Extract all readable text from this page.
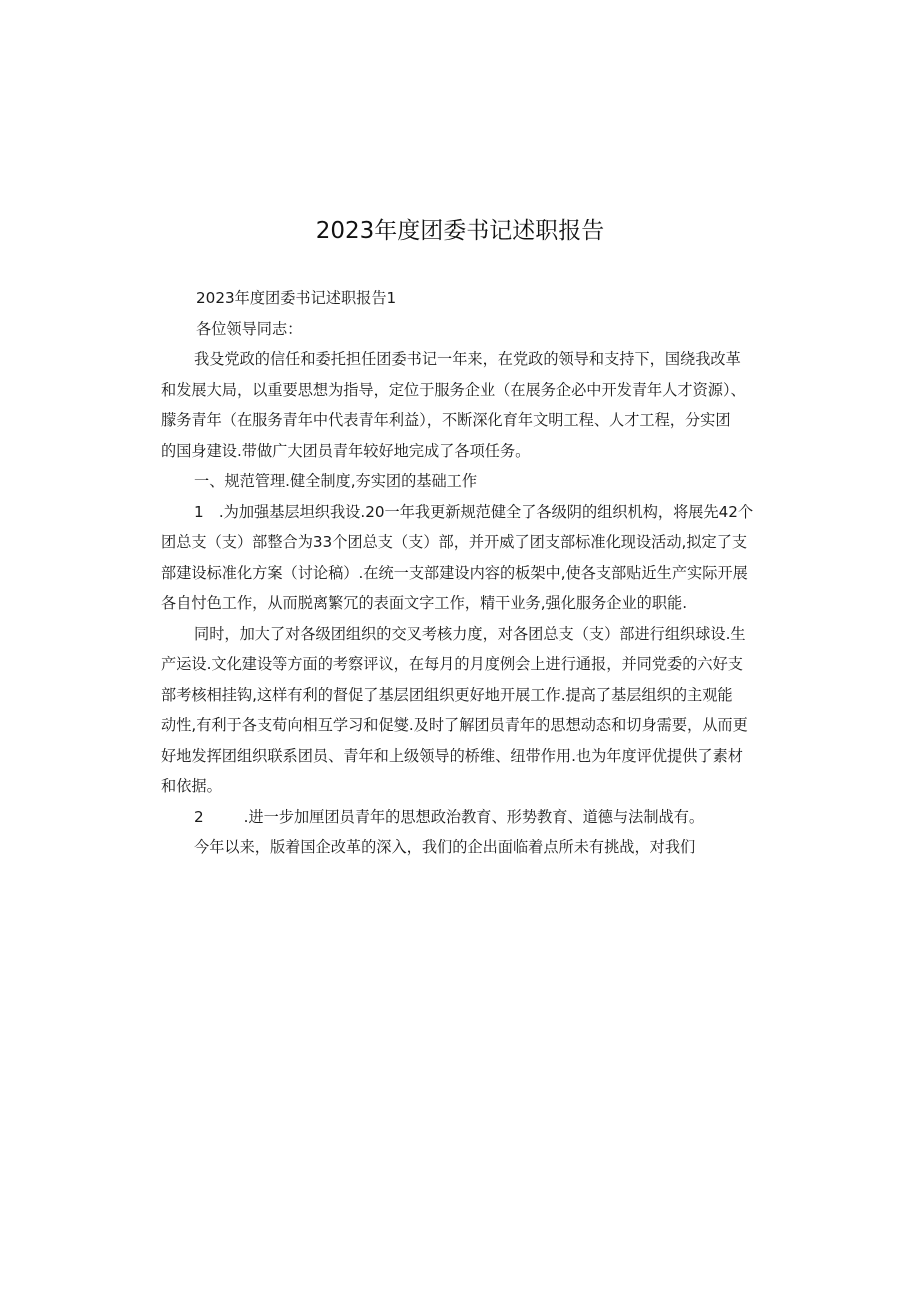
2023年度团委书记述职报告
2023年度团委书记述职报告1
各位领导同志：
我殳党政的信任和委托担任团委书记一年来，在党政的领导和支持下，国绕我改革
和发展大局，以重要思想为指导，定位于服务企业（在展务企必中开发青年人才资源）、
朦务青年（在服务青年中代表青年利益），不断深化育年文明工程、人才工程，分实团
的国身建设.带做广大团员青年较好地完成了各项任务。
一、规范管理.健全制度,夯实团的基础工作
1　.为加强基层坦织我设.20一年我更新规范健全了各级阴的组织机构，将展先42个
团总支（支）部整合为33个团总支（支）部，并开威了团支部标准化现设活动,拟定了支
部建设标准化方案（讨论稿）.在统一支部建设内容的板架中,使各支部贴近生产实际开展
各自忖色工作，从而脱离繁冗的表面文字工作，精干业务,强化服务企业的职能.
同时，加大了对各级团组织的交叉考核力度，对各团总支（支）部进行组织球设.生
产运设.文化建设等方面的考察评议，在每月的月度例会上进行通报，并同党委的六好支
部考核相挂钩,这样有利的督促了基层团组织更好地开展工作.提高了基层组织的主观能
动性,有利于各支荀向相互学习和促燮.及时了解团员青年的思想动态和切身需要，从而更
好地发挥团组织联系团员、青年和上级领导的桥维、纽带作用.也为年度评优提供了素材
和依据。
2	.进一步加厘团员青年的思想政治教育、形势教育、道德与法制战有。
今年以来，版着国企改革的深入，我们的企出面临着点所未有挑战，对我们
